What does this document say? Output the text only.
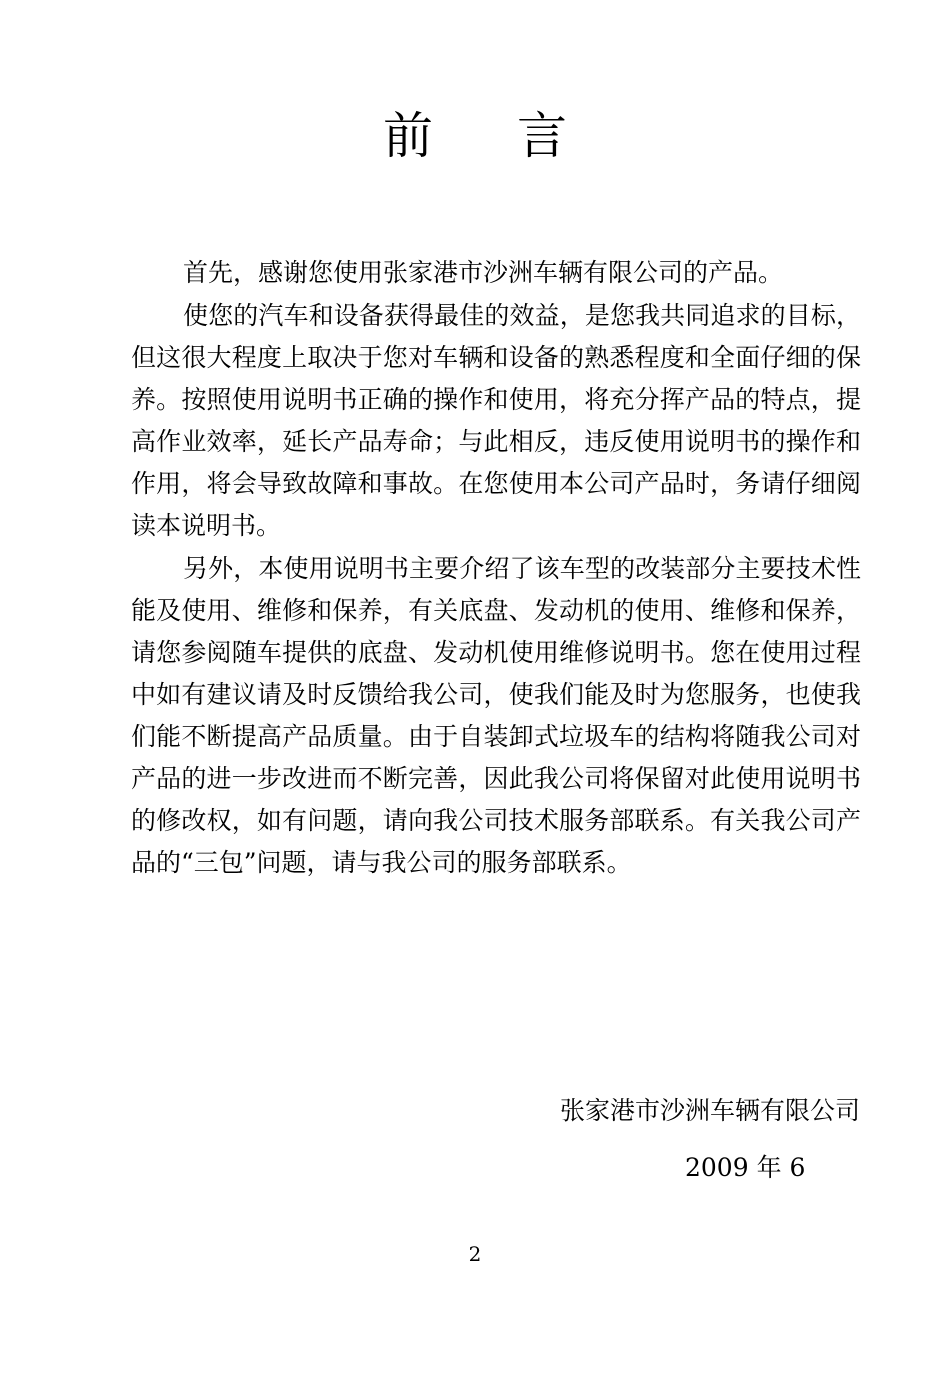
前言

首先，感谢您使用张家港市沙洲车辆有限公司的产品。

使您的汽车和设备获得最佳的效益，是您我共同追求的目标，但这很大程度上取决于您对车辆和设备的熟悉程度和全面仔细的保养。按照使用说明书正确的操作和使用，将充分挥产品的特点，提高作业效率，延长产品寿命；与此相反，违反使用说明书的操作和作用，将会导致故障和事故。在您使用本公司产品时，务请仔细阅读本说明书。

另外，本使用说明书主要介绍了该车型的改装部分主要技术性能及使用、维修和保养，有关底盘、发动机的使用、维修和保养，请您参阅随车提供的底盘、发动机使用维修说明书。您在使用过程中如有建议请及时反馈给我公司，使我们能及时为您服务，也使我们能不断提高产品质量。由于自装卸式垃圾车的结构将随我公司对产品的进一步改进而不断完善，因此我公司将保留对此使用说明书的修改权，如有问题，请向我公司技术服务部联系。有关我公司产品的“三包”问题，请与我公司的服务部联系。

张家港市沙洲车辆有限公司
2009 年 6
2
